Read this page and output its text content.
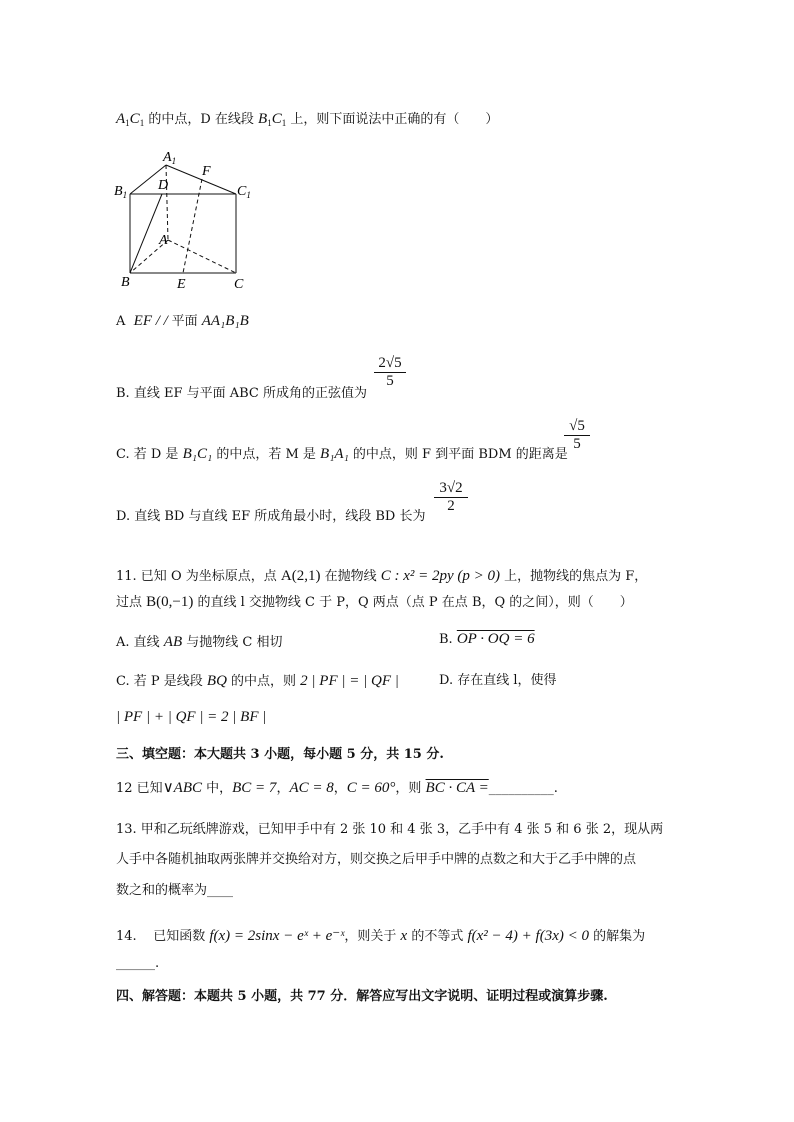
$A_1C_1$ 的中点，D 在线段 $B_1C_1$ 上，则下面说法中正确的有（　　）
$A_1$
F
$B_1$
D	$C_1$
A
B	E	C
A EF / / 平面 AA₁B₁B
B. 直线 EF 与平面 ABC 所成角的正弦值为
$\frac{2√5}{5}$
C. 若 D 是 B₁C₁ 的中点，若 M 是 B₁A₁ 的中点，则 F 到平面 BDM 的距离是
$\frac{√5}{5}$
D. 直线 BD 与直线 EF 所成角最小时，线段 BD 长为
$\frac{3√2}{2}$
11. 已知 O 为坐标原点，点 A(2,1) 在抛物线 C : x² = 2py (p > 0) 上，抛物线的焦点为 F，
过点 B(0,−1) 的直线 l 交抛物线 C 于 P，Q 两点（点 P 在点 B，Q 的之间），则（　　）
A. 直线 AB 与抛物线 C 相切	B. OP · OQ = 6
C. 若 P 是线段 BQ 的中点，则 2 | PF | = | QF |	D. 存在直线 l，使得
| PF | + | QF | = 2 | BF |
三、填空题：本大题共 3 小题，每小题 5 分，共 15 分.
12 已知∨ABC 中，BC = 7，AC = 8，C = 60°，则 BC · CA =__________.
13. 甲和乙玩纸牌游戏，已知甲手中有 2 张 10 和 4 张 3，乙手中有 4 张 5 和 6 张 2，现从两
人手中各随机抽取两张牌并交换给对方，则交换之后甲手中牌的点数之和大于乙手中牌的点
数之和的概率为____
14. 已知函数 f(x) = 2sinx − eˣ + e⁻ˣ，则关于 x 的不等式 f(x² − 4) + f(3x) < 0 的解集为
______.
四、解答题：本题共 5 小题，共 77 分．解答应写出文字说明、证明过程或演算步骤.
